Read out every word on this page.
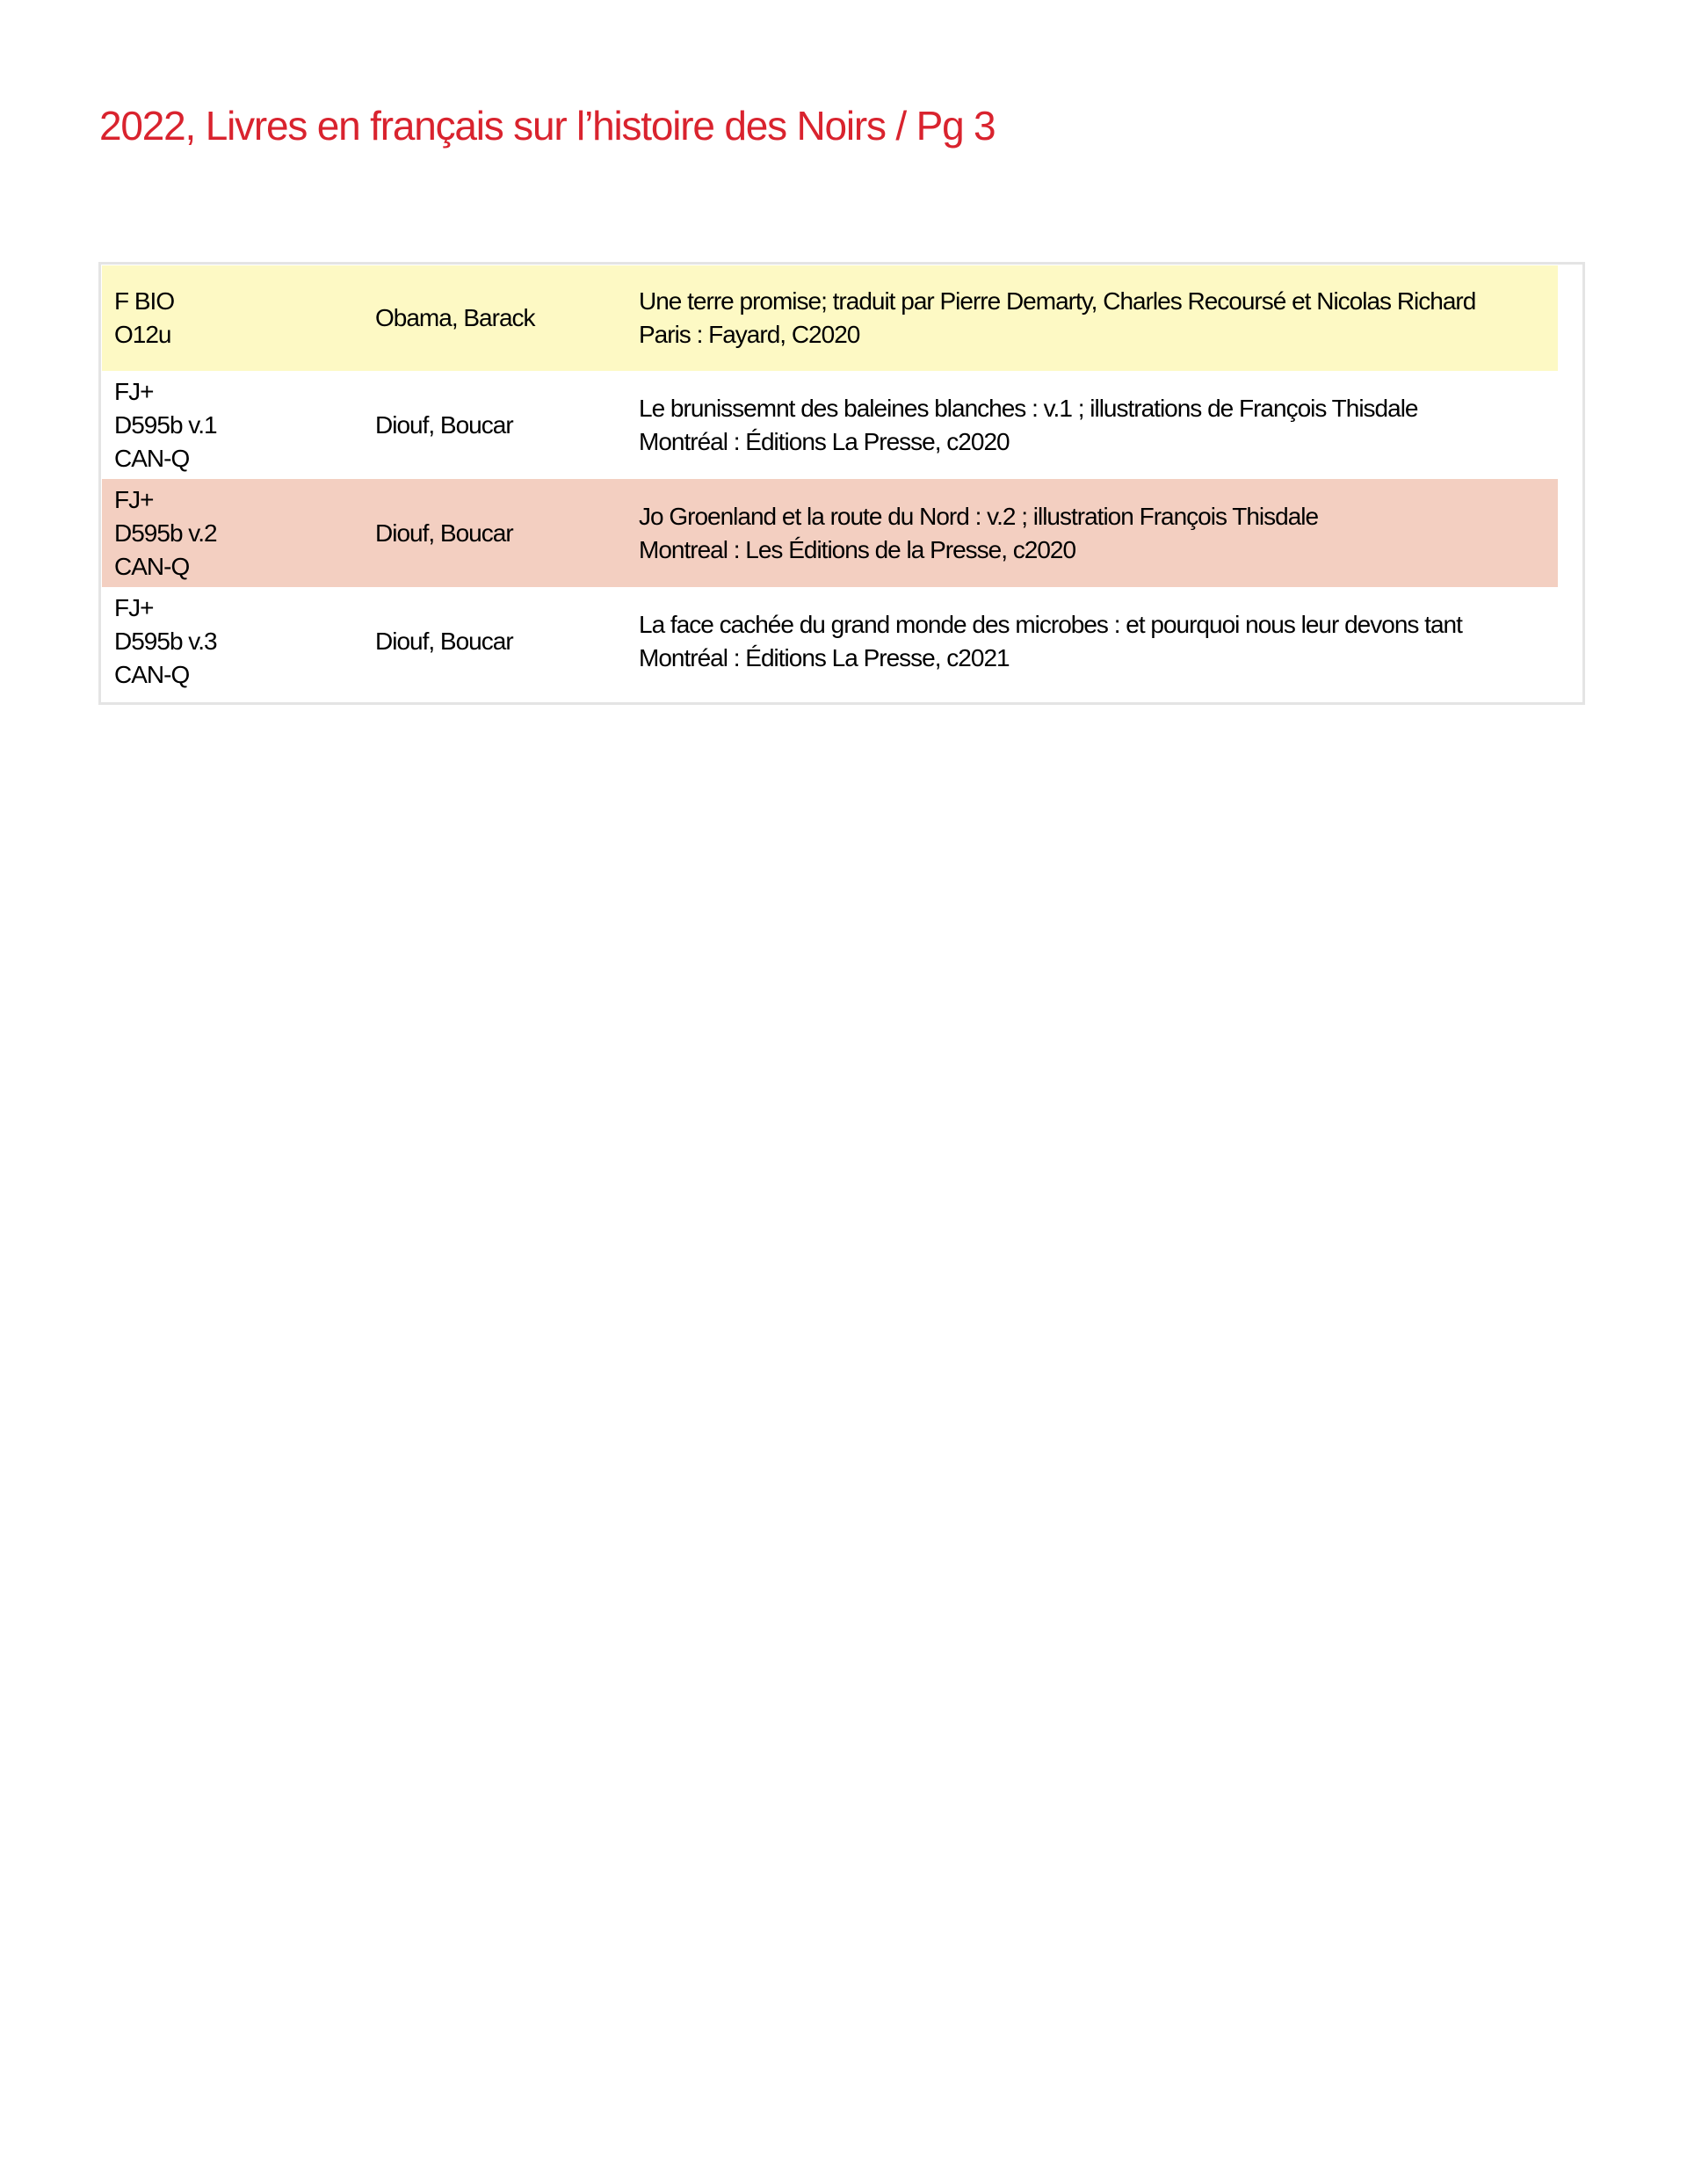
2022, Livres en français sur l’histoire des Noirs / Pg 3
F BIO
O12u	Obama, Barack	Une terre promise; traduit par Pierre Demarty, Charles Recoursé et Nicolas Richard
Paris : Fayard, C2020

FJ+
D595b v.1
CAN-Q	Diouf, Boucar	Le brunissemnt des baleines blanches : v.1 ; illustrations de François Thisdale
Montréal : Éditions La Presse, c2020

FJ+
D595b v.2
CAN-Q	Diouf, Boucar	Jo Groenland et la route du Nord : v.2 ; illustration François Thisdale
Montreal : Les Éditions de la Presse, c2020

FJ+
D595b v.3
CAN-Q	Diouf, Boucar	La face cachée du grand monde des microbes : et pourquoi nous leur devons tant
Montréal : Éditions La Presse, c2021
